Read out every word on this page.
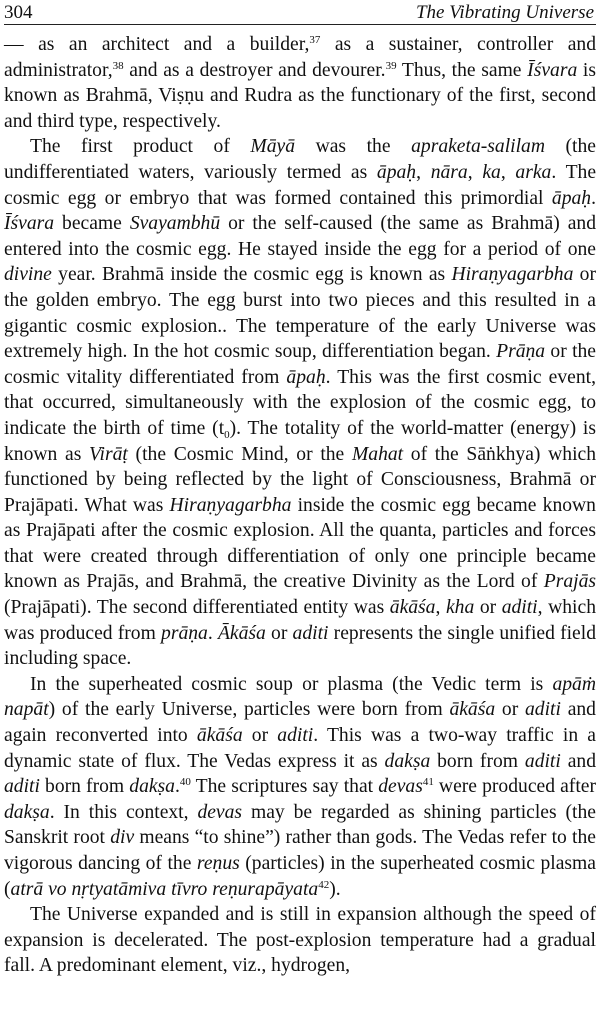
304	The Vibrating Universe

— as an architect and a builder,$^{37}$ as a sustainer, controller and administrator,$^{38}$ and as a destroyer and devourer.$^{39}$ Thus, the same Īśvara is known as Brahmā, Viṣṇu and Rudra as the functionary of the first, second and third type, respectively.

The first product of Māyā was the apraketa-salilam (the undifferentiated waters, variously termed as āpaḥ, nāra, ka, arka. The cosmic egg or embryo that was formed contained this primordial āpaḥ. Īśvara became Svayambhū or the self-caused (the same as Brahmā) and entered into the cosmic egg. He stayed inside the egg for a period of one divine year. Brahmā inside the cosmic egg is known as Hiraṇyagarbha or the golden embryo. The egg burst into two pieces and this resulted in a gigantic cosmic explosion.. The temperature of the early Universe was extremely high. In the hot cosmic soup, differentiation began. Prāṇa or the cosmic vitality differentiated from āpaḥ. This was the first cosmic event, that occurred, simultaneously with the explosion of the cosmic egg, to indicate the birth of time $(t_0)$. The totality of the world-matter (energy) is known as Virāṭ (the Cosmic Mind, or the Mahat of the Sāṅkhya) which functioned by being reflected by the light of Consciousness, Brahmā or Prajāpati. What was Hiraṇyagarbha inside the cosmic egg became known as Prajāpati after the cosmic explosion. All the quanta, particles and forces that were created through differentiation of only one principle became known as Prajās, and Brahmā, the creative Divinity as the Lord of Prajās (Prajāpati). The second differentiated entity was ākāśa, kha or aditi, which was produced from prāṇa. Ākāśa or aditi represents the single unified field including space.

In the superheated cosmic soup or plasma (the Vedic term is apāṁ napāt) of the early Universe, particles were born from ākāśa or aditi and again reconverted into ākāśa or aditi. This was a two-way traffic in a dynamic state of flux. The Vedas express it as dakṣa born from aditi and aditi born from dakṣa.$^{40}$ The scriptures say that devas$^{41}$ were produced after dakṣa. In this context, devas may be regarded as shining particles (the Sanskrit root div means “to shine”) rather than gods. The Vedas refer to the vigorous dancing of the reṇus (particles) in the superheated cosmic plasma (atrā vo nṛtyatāmiva tīvro reṇurapāyata$^{42}$).

The Universe expanded and is still in expansion although the speed of expansion is decelerated. The post-explosion temperature had a gradual fall. A predominant element, viz., hydrogen,
